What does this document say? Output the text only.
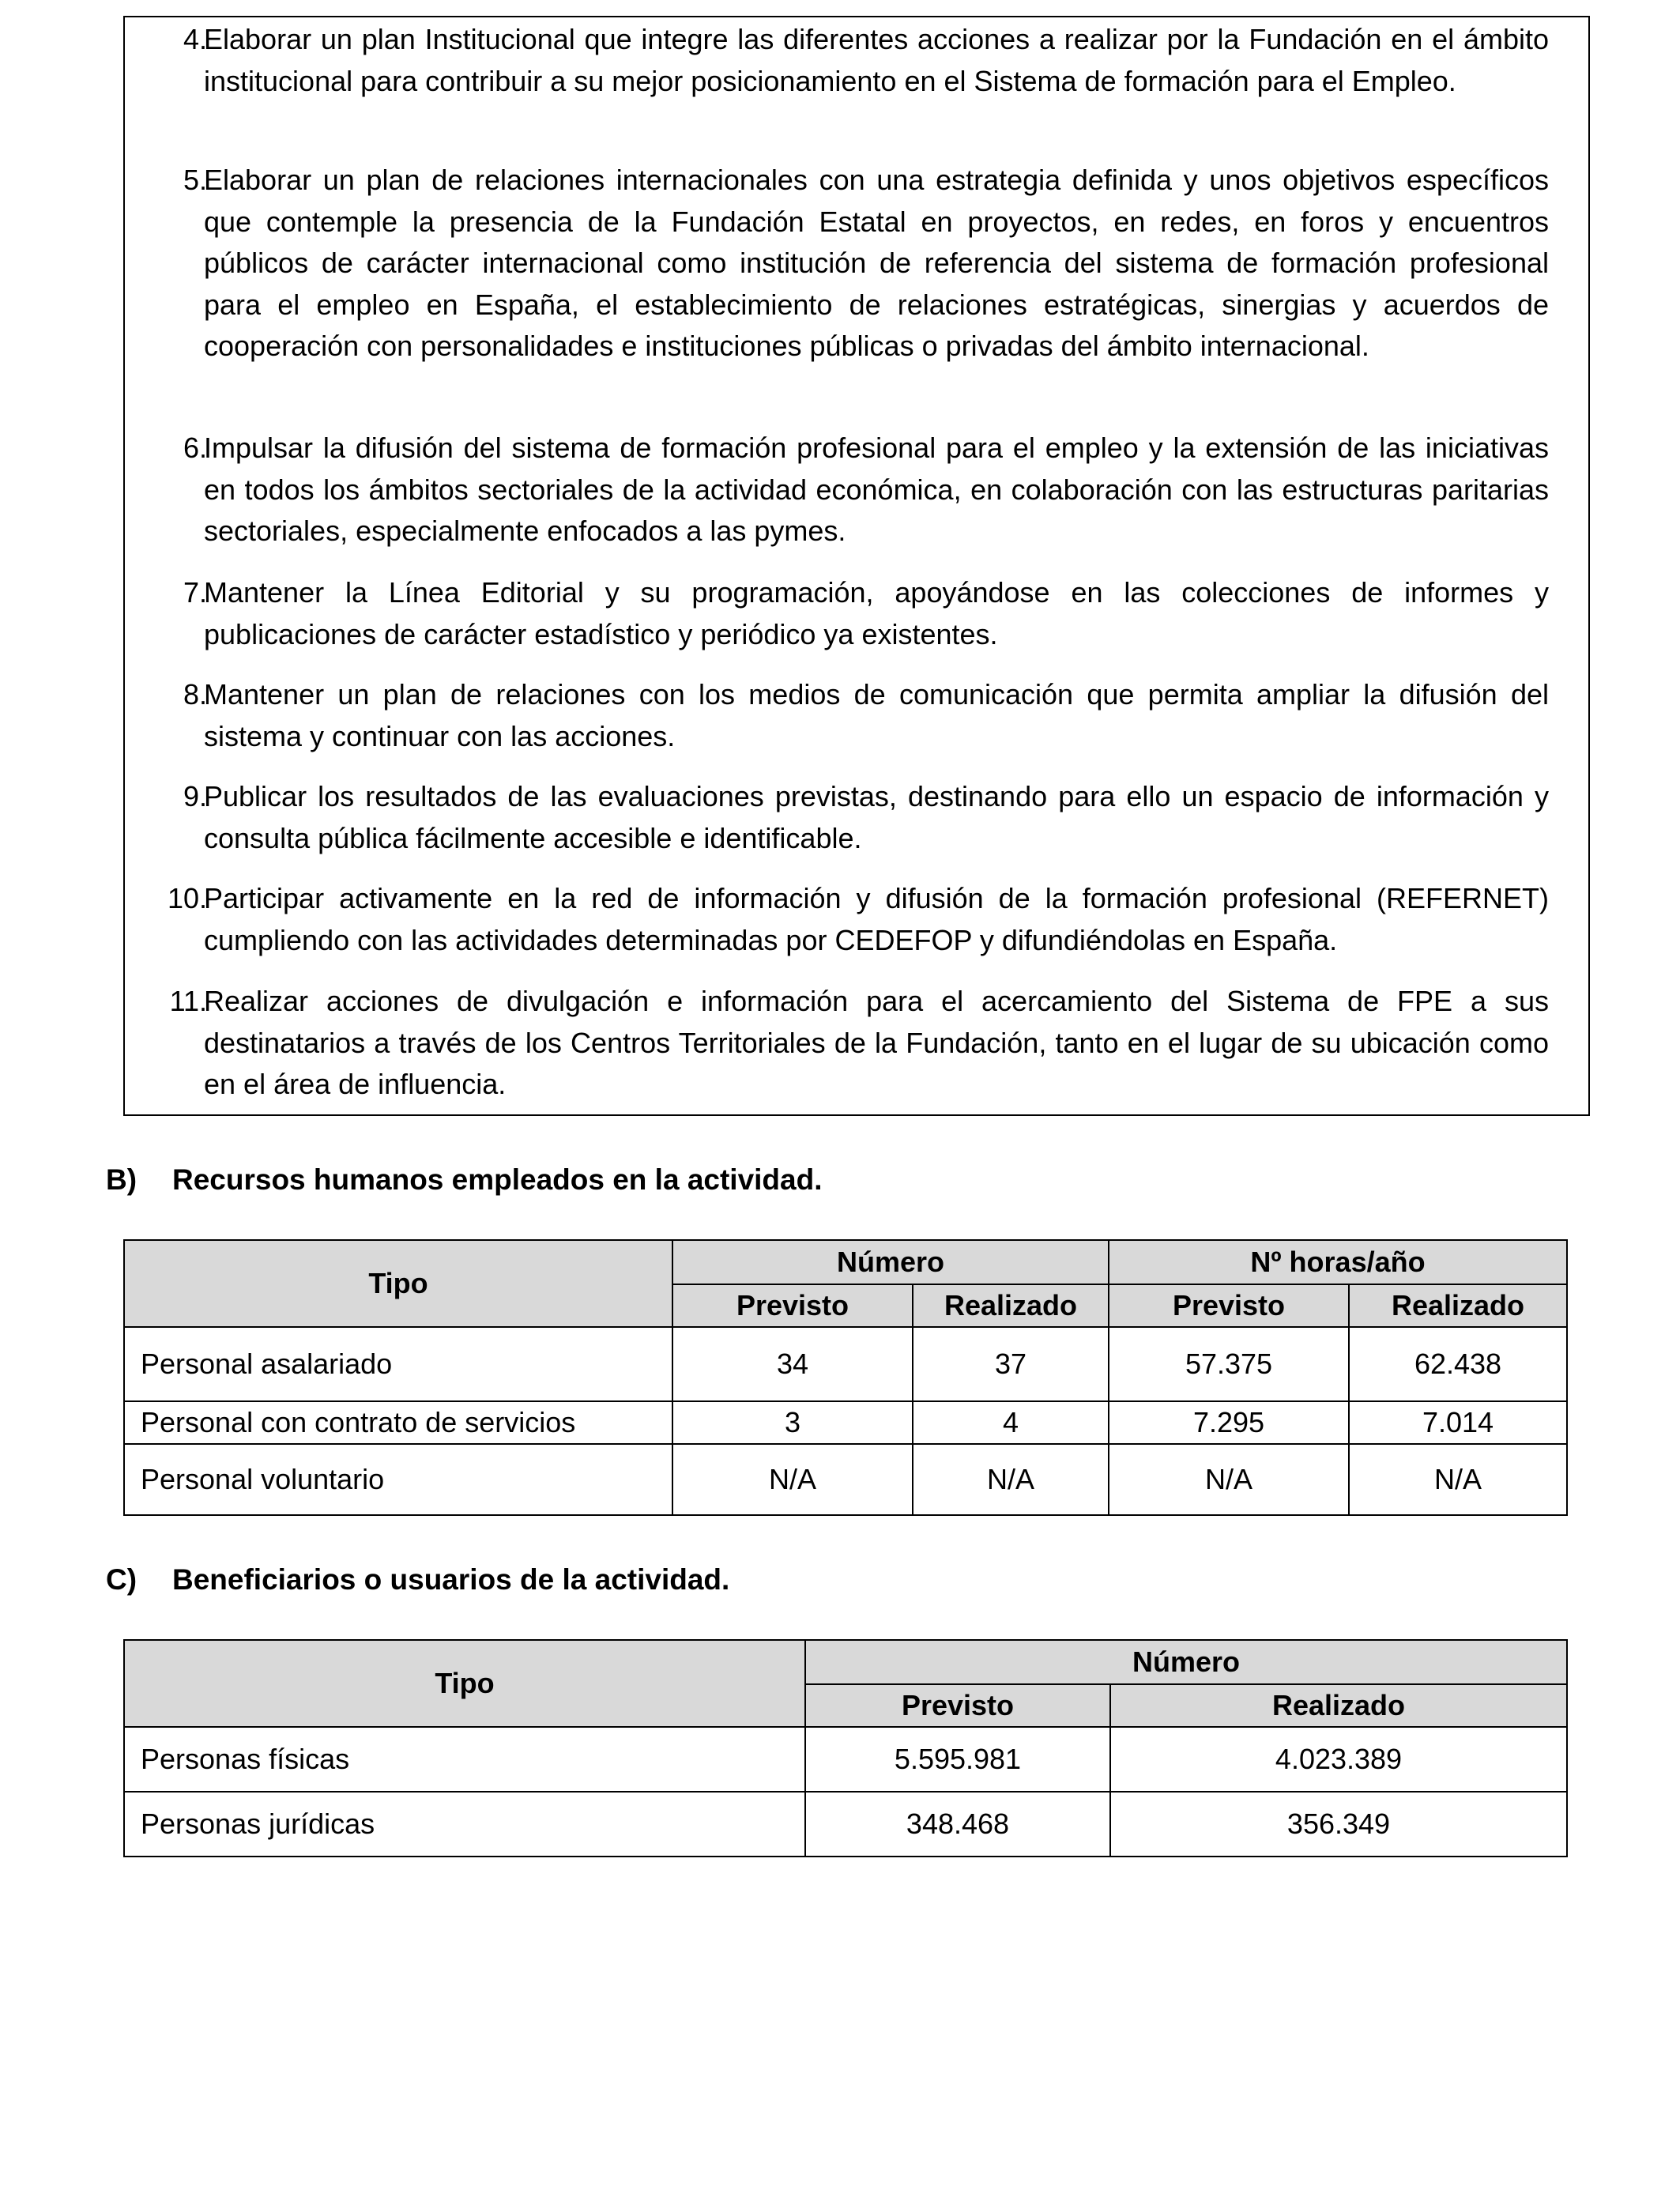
4.
Elaborar un plan Institucional que integre las diferentes acciones a realizar por la Fundación en el ámbito institucional para contribuir a su mejor posicionamiento en el Sistema de formación para el Empleo.
5.
Elaborar un plan de relaciones internacionales con una estrategia definida y unos objetivos específicos que contemple la presencia de la Fundación Estatal en proyectos, en redes, en foros y encuentros públicos de carácter internacional como institución de referencia del sistema de formación profesional para el empleo en España, el establecimiento de relaciones estratégicas, sinergias y acuerdos de cooperación con personalidades e instituciones públicas o privadas del ámbito internacional.
6.
Impulsar la difusión del sistema de formación profesional para el empleo y la extensión de las iniciativas en todos los ámbitos sectoriales de la actividad económica, en colaboración con las estructuras paritarias sectoriales, especialmente enfocados a las pymes.
7.
Mantener la Línea Editorial y su programación, apoyándose en las colecciones de informes y publicaciones de carácter estadístico y periódico ya existentes.
8.
Mantener un plan de relaciones con los medios de comunicación que permita ampliar la difusión del sistema y continuar con las acciones.
9.
Publicar los resultados de las evaluaciones previstas, destinando para ello un espacio de información y consulta pública fácilmente accesible e identificable.
10.
Participar activamente en la red de información y difusión de la formación profesional (REFERNET) cumpliendo con las actividades determinadas por CEDEFOP y difundiéndolas en España.
11.
Realizar acciones de divulgación e información para el acercamiento del Sistema de FPE a sus destinatarios a través de los Centros Territoriales de la Fundación, tanto en el lugar de su ubicación como en el área de influencia.
B) Recursos humanos empleados en la actividad.
Tipo	Número		Nº horas/año	
	Previsto	Realizado	Previsto	Realizado
Personal asalariado	34	37	57.375	62.438
Personal con contrato de servicios	3	4	7.295	7.014
Personal voluntario	N/A	N/A	N/A	N/A
C) Beneficiarios o usuarios de la actividad.
Tipo	Número	
	Previsto	Realizado
Personas físicas	5.595.981	4.023.389
Personas jurídicas	348.468	356.349
